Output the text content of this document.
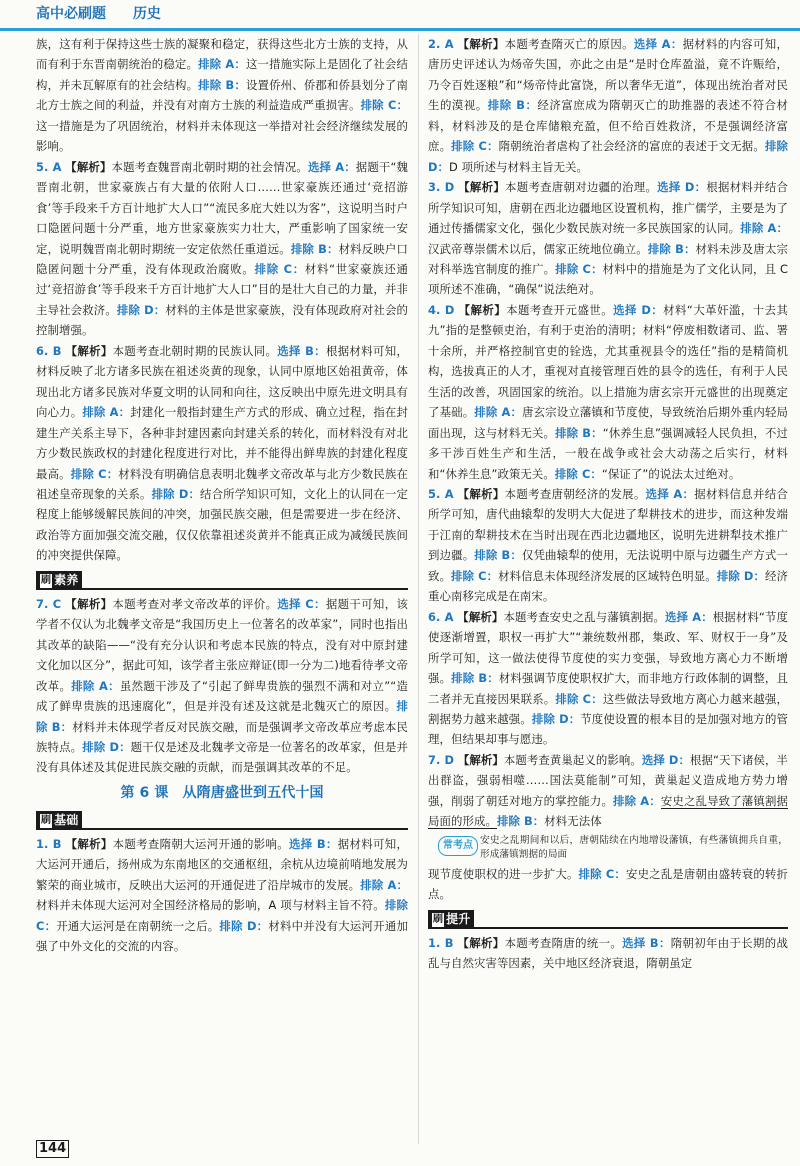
高中必刷题 历史

族，这有利于保持这些士族的凝聚和稳定，获得这些北方士族的支持，从而有利于东晋南朝统治的稳定。排除 A：这一措施实际上是固化了社会结构，并未瓦解原有的社会结构。排除 B：设置侨州、侨郡和侨县划分了南北方士族之间的利益，并没有对南方士族的利益造成严重损害。排除 C：这一措施是为了巩固统治，材料并未体现这一举措对社会经济继续发展的影响。

5. A 【解析】本题考查魏晋南北朝时期的社会情况。选择 A：据题干“魏晋南北朝，世家豪族占有大量的依附人口……世家豪族还通过‘竞招游食’等手段来千方百计地扩大人口”“流民多庇大姓以为客”，这说明当时户口隐匿问题十分严重，地方世家豪族实力壮大，严重影响了国家统一安定，说明魏晋南北朝时期统一安定依然任重道远。排除 B：材料反映户口隐匿问题十分严重，没有体现政治腐败。排除 C：材料“世家豪族还通过‘竞招游食’等手段来千方百计地扩大人口”目的是壮大自己的力量，并非主导社会救济。排除 D：材料的主体是世家豪族，没有体现政府对社会的控制增强。

6. B 【解析】本题考查北朝时期的民族认同。选择 B：根据材料可知，材料反映了北方诸多民族在祖述炎黄的现象，认同中原地区始祖黄帝，体现出北方诸多民族对华夏文明的认同和向往，这反映出中原先进文明具有向心力。排除 A：封建化一般指封建生产方式的形成、确立过程，指在封建生产关系主导下，各种非封建因素向封建关系的转化，而材料没有对北方少数民族政权的封建化程度进行对比，并不能得出鲜卑族的封建化程度最高。排除 C：材料没有明确信息表明北魏孝文帝改革与北方少数民族在祖述皇帝现象的关系。排除 D：结合所学知识可知，文化上的认同在一定程度上能够缓解民族间的冲突，加强民族交融，但是需要进一步在经济、政治等方面加强交流交融，仅仅依靠祖述炎黄并不能真正成为减缓民族间的冲突提供保障。

刷 素养

7. C 【解析】本题考查对孝文帝改革的评价。选择 C：据题干可知，该学者不仅认为北魏孝文帝是“我国历史上一位著名的改革家”，同时也指出其改革的缺陷——“没有充分认识和考虑本民族的特点，没有对中原封建文化加以区分”，据此可知，该学者主张应辩证(即一分为二)地看待孝文帝改革。排除 A：虽然题干涉及了“引起了鲜卑贵族的强烈不满和对立”“造成了鲜卑贵族的迅速腐化”，但是并没有述及这就是北魏灭亡的原因。排除 B：材料并未体现学者反对民族交融，而是强调孝文帝改革应考虑本民族特点。排除 D：题干仅是述及北魏孝文帝是一位著名的改革家，但是并没有具体述及其促进民族交融的贡献，而是强调其改革的不足。

第 6 课　从隋唐盛世到五代十国
刷 基础

1. B 【解析】本题考查隋朝大运河开通的影响。选择 B：据材料可知，大运河开通后，扬州成为东南地区的交通枢纽，余杭从边境前哨地发展为繁荣的商业城市，反映出大运河的开通促进了沿岸城市的发展。排除 A：材料并未体现大运河对全国经济格局的影响，A 项与材料主旨不符。排除 C：开通大运河是在南朝统一之后。排除 D：材料中并没有大运河开通加强了中外文化的交流的内容。

2. A 【解析】本题考查隋灭亡的原因。选择 A：据材料的内容可知，唐历史评述认为炀帝失国，亦此之由是“是时仓库盈溢，竟不许赈给，乃令百姓逐粮”和“炀帝恃此富饶，所以奢华无道”，体现出统治者对民生的漠视。排除 B：经济富庶成为隋朝灭亡的助推器的表述不符合材料，材料涉及的是仓库储粮充盈，但不给百姓救济，不是强调经济富庶。排除 C：隋朝统治者虐构了社会经济的富庶的表述于文无据。排除 D：D 项所述与材料主旨无关。

3. D 【解析】本题考查唐朝对边疆的治理。选择 D：根据材料并结合所学知识可知，唐朝在西北边疆地区设置机构，推广儒学，主要是为了通过传播儒家文化，强化少数民族对统一多民族国家的认同。排除 A：汉武帝尊崇儒术以后，儒家正统地位确立。排除 B：材料未涉及唐太宗对科举选官制度的推广。排除 C：材料中的措施是为了文化认同，且 C 项所述不准确，“确保”说法绝对。

4. D 【解析】本题考查开元盛世。选择 D：材料“大革奸滥，十去其九”指的是整顿吏治，有利于吏治的清明；材料“停废相数诸司、监、署十余所，并严格控制官吏的铨选，尤其重视县令的选任”指的是精简机构，选拔真正的人才，重视对直接管理百姓的县令的选任，有利于人民生活的改善，巩固国家的统治。以上措施为唐玄宗开元盛世的出现奠定了基础。排除 A：唐玄宗设立藩镇和节度使，导致统治后期外重内轻局面出现，这与材料无关。排除 B：“休养生息”强调减轻人民负担，不过多干涉百姓生产和生活，一般在战争或社会大动荡之后实行，材料和“休养生息”政策无关。排除 C：“保证了”的说法太过绝对。

5. A 【解析】本题考查唐朝经济的发展。选择 A：据材料信息并结合所学可知，唐代曲辕犁的发明大大促进了犁耕技术的进步，而这种发端于江南的犁耕技术在当时出现在西北边疆地区，说明先进耕犁技术推广到边疆。排除 B：仅凭曲辕犁的使用，无法说明中原与边疆生产方式一致。排除 C：材料信息未体现经济发展的区域特色明显。排除 D：经济重心南移完成是在南宋。

6. A 【解析】本题考查安史之乱与藩镇割据。选择 A：根据材料“节度使逐渐增置，职权一再扩大”“兼统数州郡，集政、军、财权于一身”及所学可知，这一做法使得节度使的实力变强，导致地方离心力不断增强。排除 B：材料强调节度使职权扩大，而非地方行政体制的调整，且二者并无直接因果联系。排除 C：这些做法导致地方离心力越来越强，割据势力越来越强。排除 D：节度使设置的根本目的是加强对地方的管理，但结果却事与愿违。

7. D 【解析】本题考查黄巢起义的影响。选择 D：根据“天下诸侯，半出群盗，强弱相噬……国法莫能制”可知，黄巢起义造成地方势力增强，削弱了朝廷对地方的掌控能力。排除 A：安史之乱导致了藩镇割据局面的形成。排除 B：材料无法体

常考点 安史之乱期间和以后，唐朝陆续在内地增设藩镇，有些藩镇拥兵自重，形成藩镇割据的局面

现节度使职权的进一步扩大。排除 C：安史之乱是唐朝由盛转衰的转折点。

刷 提升

1. B 【解析】本题考查隋唐的统一。选择 B：隋朝初年由于长期的战乱与自然灾害等因素，关中地区经济衰退，隋朝虽定

144
